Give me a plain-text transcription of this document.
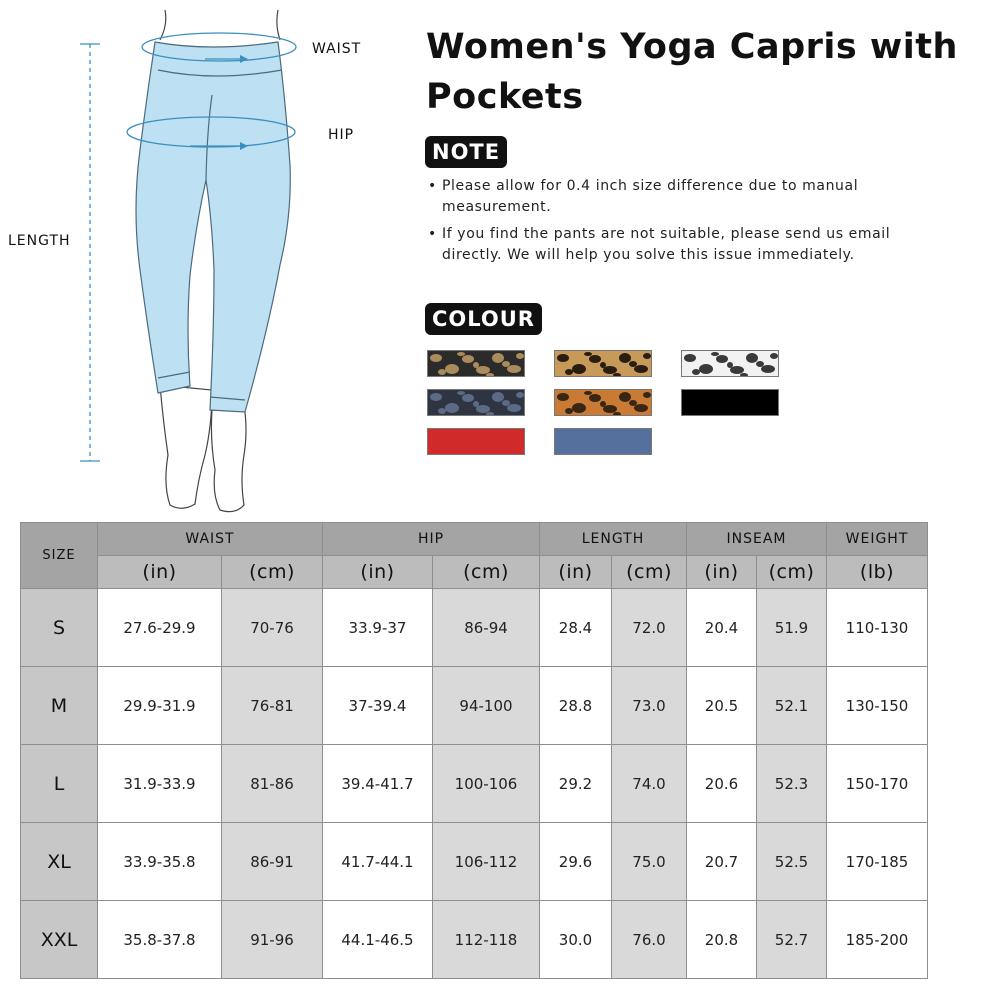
WAIST
HIP
LENGTH
Women's Yoga Capris with Pockets
NOTE
• Please allow for 0.4 inch size difference due to manual measurement.
• If you find the pants are not suitable, please send us email directly. We will help you solve this issue immediately.
COLOUR
SIZE	WAIST		HIP		LENGTH		INSEAM		WEIGHT
	(in)	(cm)	(in)	(cm)	(in)	(cm)	(in)	(cm)	(lb)
S	27.6-29.9	70-76	33.9-37	86-94	28.4	72.0	20.4	51.9	110-130
M	29.9-31.9	76-81	37-39.4	94-100	28.8	73.0	20.5	52.1	130-150
L	31.9-33.9	81-86	39.4-41.7	100-106	29.2	74.0	20.6	52.3	150-170
XL	33.9-35.8	86-91	41.7-44.1	106-112	29.6	75.0	20.7	52.5	170-185
XXL	35.8-37.8	91-96	44.1-46.5	112-118	30.0	76.0	20.8	52.7	185-200
